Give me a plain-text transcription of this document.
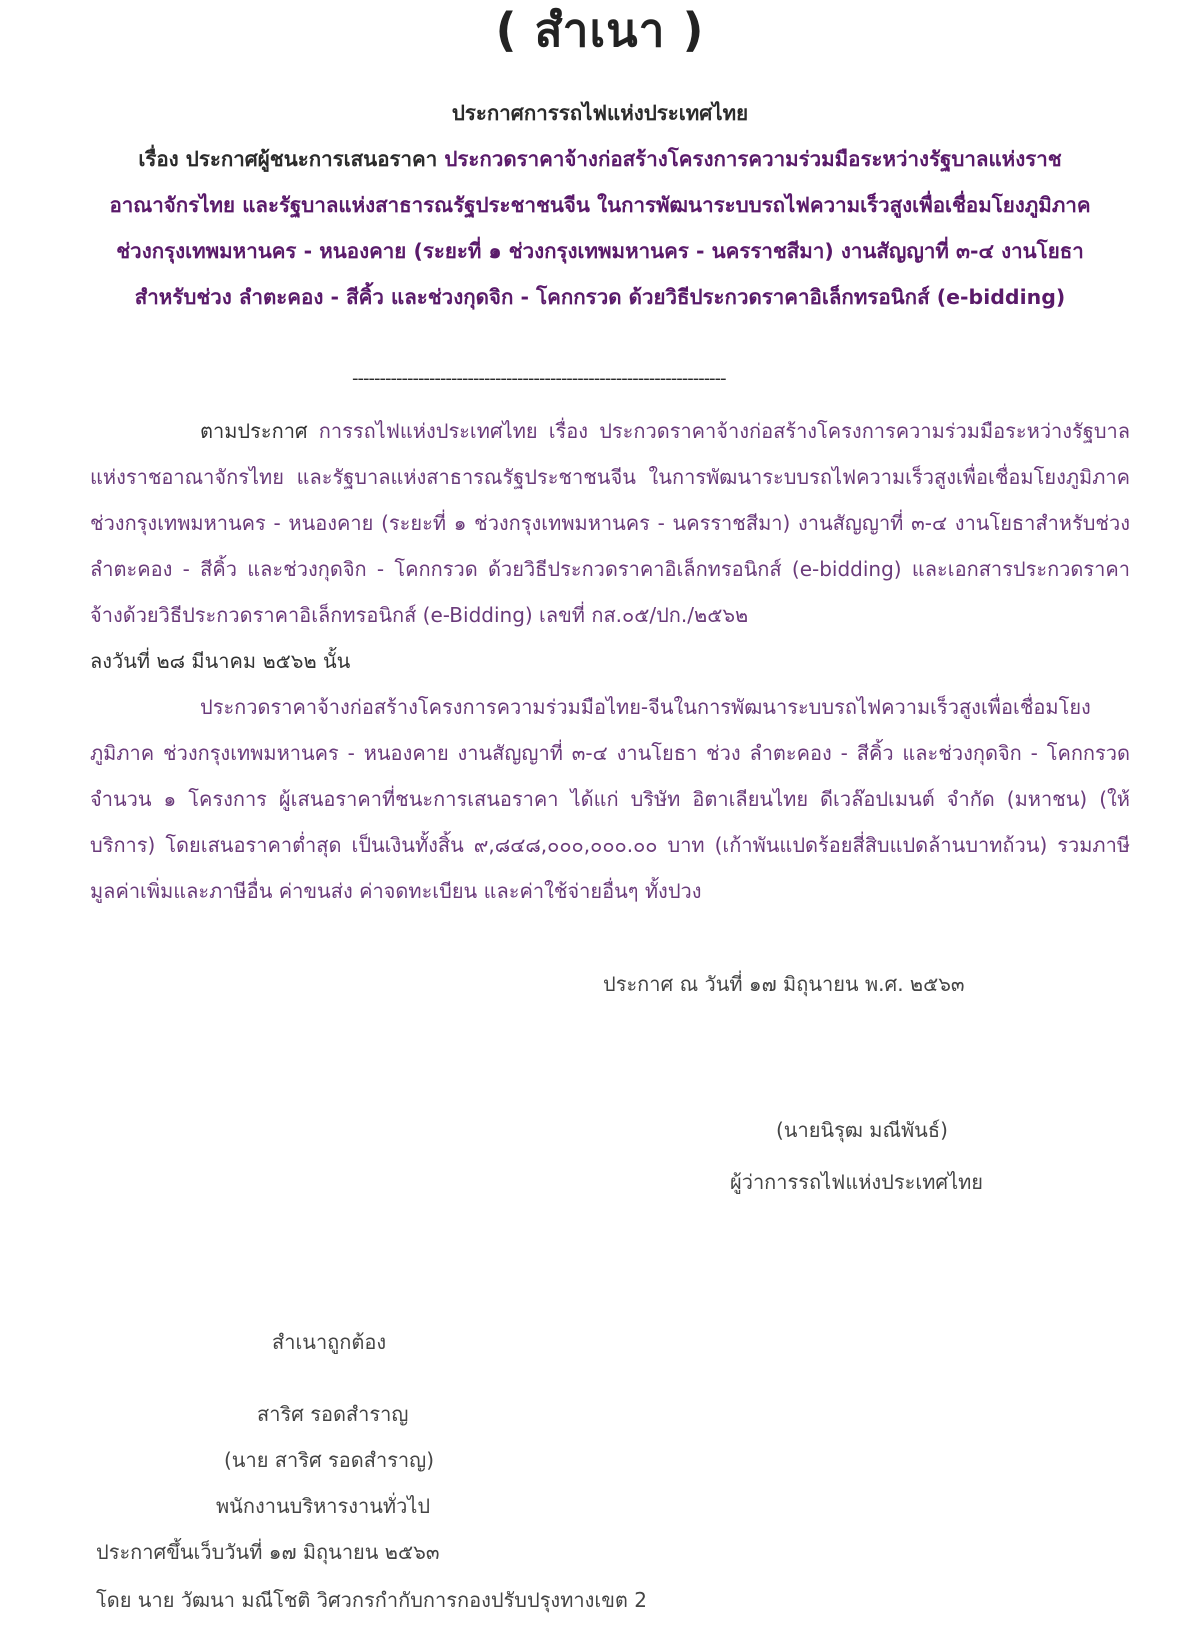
( สำเนา )
ประกาศการรถไฟแห่งประเทศไทย
เรื่อง ประกาศผู้ชนะการเสนอราคา ประกวดราคาจ้างก่อสร้างโครงการความร่วมมือระหว่างรัฐบาลแห่งราชอาณาจักรไทย และรัฐบาลแห่งสาธารณรัฐประชาชนจีน ในการพัฒนาระบบรถไฟความเร็วสูงเพื่อเชื่อมโยงภูมิภาค ช่วงกรุงเทพมหานคร - หนองคาย (ระยะที่ ๑ ช่วงกรุงเทพมหานคร - นครราชสีมา) งานสัญญาที่ ๓-๔ งานโยธาสำหรับช่วง ลำตะคอง - สีคิ้ว และช่วงกุดจิก - โคกกรวด ด้วยวิธีประกวดราคาอิเล็กทรอนิกส์ (e-bidding)
--------------------------------------------------------------------
ตามประกาศ การรถไฟแห่งประเทศไทย เรื่อง ประกวดราคาจ้างก่อสร้างโครงการความร่วมมือระหว่างรัฐบาลแห่งราชอาณาจักรไทย และรัฐบาลแห่งสาธารณรัฐประชาชนจีน ในการพัฒนาระบบรถไฟความเร็วสูงเพื่อเชื่อมโยงภูมิภาค ช่วงกรุงเทพมหานคร - หนองคาย (ระยะที่ ๑ ช่วงกรุงเทพมหานคร - นครราชสีมา) งานสัญญาที่ ๓-๔ งานโยธาสำหรับช่วง ลำตะคอง - สีคิ้ว และช่วงกุดจิก - โคกกรวด ด้วยวิธีประกวดราคาอิเล็กทรอนิกส์ (e-bidding) และเอกสารประกวดราคาจ้างด้วยวิธีประกวดราคาอิเล็กทรอนิกส์ (e-Bidding) เลขที่ กส.๐๕/ปก./๒๕๖๒
ลงวันที่ ๒๘ มีนาคม ๒๕๖๒ นั้น
ประกวดราคาจ้างก่อสร้างโครงการความร่วมมือไทย-จีนในการพัฒนาระบบรถไฟความเร็วสูงเพื่อเชื่อมโยงภูมิภาค ช่วงกรุงเทพมหานคร - หนองคาย งานสัญญาที่ ๓-๔ งานโยธา ช่วง ลำตะคอง - สีคิ้ว และช่วงกุดจิก - โคกกรวด จำนวน ๑ โครงการ ผู้เสนอราคาที่ชนะการเสนอราคา ได้แก่ บริษัท อิตาเลียนไทย ดีเวล๊อปเมนต์ จำกัด (มหาชน) (ให้บริการ) โดยเสนอราคาต่ำสุด เป็นเงินทั้งสิ้น ๙,๘๔๘,๐๐๐,๐๐๐.๐๐ บาท (เก้าพันแปดร้อยสี่สิบแปดล้านบาทถ้วน) รวมภาษีมูลค่าเพิ่มและภาษีอื่น ค่าขนส่ง ค่าจดทะเบียน และค่าใช้จ่ายอื่นๆ ทั้งปวง
ประกาศ ณ วันที่ ๑๗ มิถุนายน พ.ศ. ๒๕๖๓
(นายนิรุฒ มณีพันธ์)
ผู้ว่าการรถไฟแห่งประเทศไทย
สำเนาถูกต้อง
สาริศ รอดสำราญ
(นาย สาริศ รอดสำราญ)
พนักงานบริหารงานทั่วไป
ประกาศขึ้นเว็บวันที่ ๑๗ มิถุนายน ๒๕๖๓
โดย นาย วัฒนา มณีโชติ วิศวกรกำกับการกองปรับปรุงทางเขต 2
